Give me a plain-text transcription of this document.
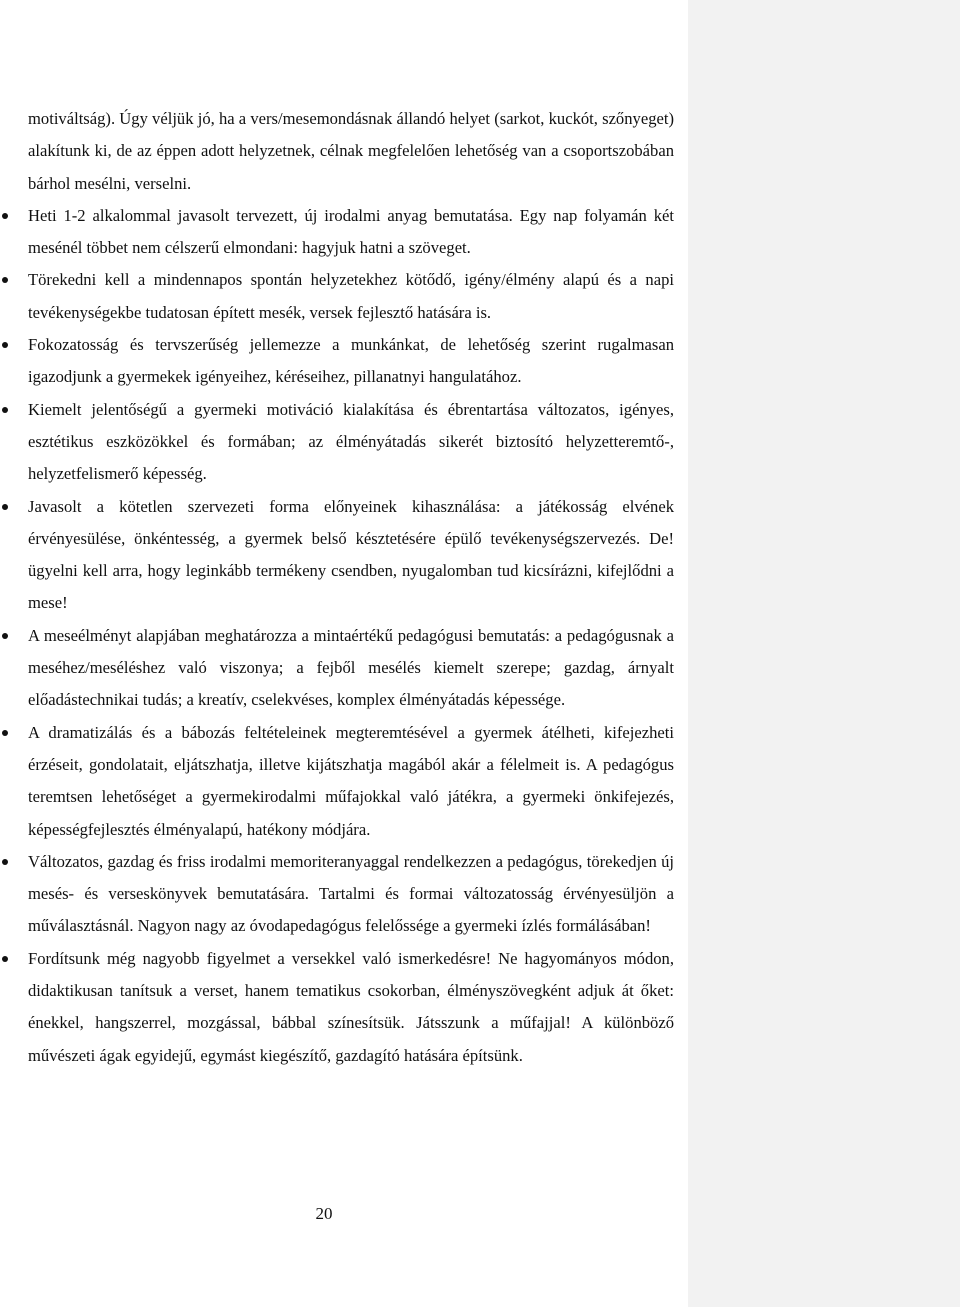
motiváltság). Úgy véljük jó, ha a vers/mesemondásnak állandó helyet (sarkot, kuckót, szőnyeget) alakítunk ki, de az éppen adott helyzetnek, célnak megfelelően lehetőség van a csoportszobában bárhol mesélni, verselni.

Heti 1-2 alkalommal javasolt tervezett, új irodalmi anyag bemutatása. Egy nap folyamán két mesénél többet nem célszerű elmondani: hagyjuk hatni a szöveget.
Törekedni kell a mindennapos spontán helyzetekhez kötődő, igény/élmény alapú és a napi tevékenységekbe tudatosan épített mesék, versek fejlesztő hatására is.
Fokozatosság és tervszerűség jellemezze a munkánkat, de lehetőség szerint rugalmasan igazodjunk a gyermekek igényeihez, kéréseihez, pillanatnyi hangulatához.
Kiemelt jelentőségű a gyermeki motiváció kialakítása és ébrentartása változatos, igényes, esztétikus eszközökkel és formában; az élményátadás sikerét biztosító helyzetteremtő-, helyzetfelismerő képesség.
Javasolt a kötetlen szervezeti forma előnyeinek kihasználása: a játékosság elvének érvényesülése, önkéntesség, a gyermek belső késztetésére épülő tevékenységszervezés. De! ügyelni kell arra, hogy leginkább termékeny csendben, nyugalomban tud kicsírázni, kifejlődni a mese!
A meseélményt alapjában meghatározza a mintaértékű pedagógusi bemutatás: a pedagógusnak a meséhez/meséléshez való viszonya; a fejből mesélés kiemelt szerepe; gazdag, árnyalt előadástechnikai tudás; a kreatív, cselekvéses, komplex élményátadás képessége.
A dramatizálás és a bábozás feltételeinek megteremtésével a gyermek átélheti, kifejezheti érzéseit, gondolatait, eljátszhatja, illetve kijátszhatja magából akár a félelmeit is. A pedagógus teremtsen lehetőséget a gyermekirodalmi műfajokkal való játékra, a gyermeki önkifejezés, képességfejlesztés élményalapú, hatékony módjára.
Változatos, gazdag és friss irodalmi memoriteranyaggal rendelkezzen a pedagógus, törekedjen új mesés- és verseskönyvek bemutatására. Tartalmi és formai változatosság érvényesüljön a műválasztásnál. Nagyon nagy az óvodapedagógus felelőssége a gyermeki ízlés formálásában!
Fordítsunk még nagyobb figyelmet a versekkel való ismerkedésre! Ne hagyományos módon, didaktikusan tanítsuk a verset, hanem tematikus csokorban, élményszövegként adjuk át őket: énekkel, hangszerrel, mozgással, bábbal színesítsük. Játsszunk a műfajjal! A különböző művészeti ágak egyidejű, egymást kiegészítő, gazdagító hatására építsünk.
20
